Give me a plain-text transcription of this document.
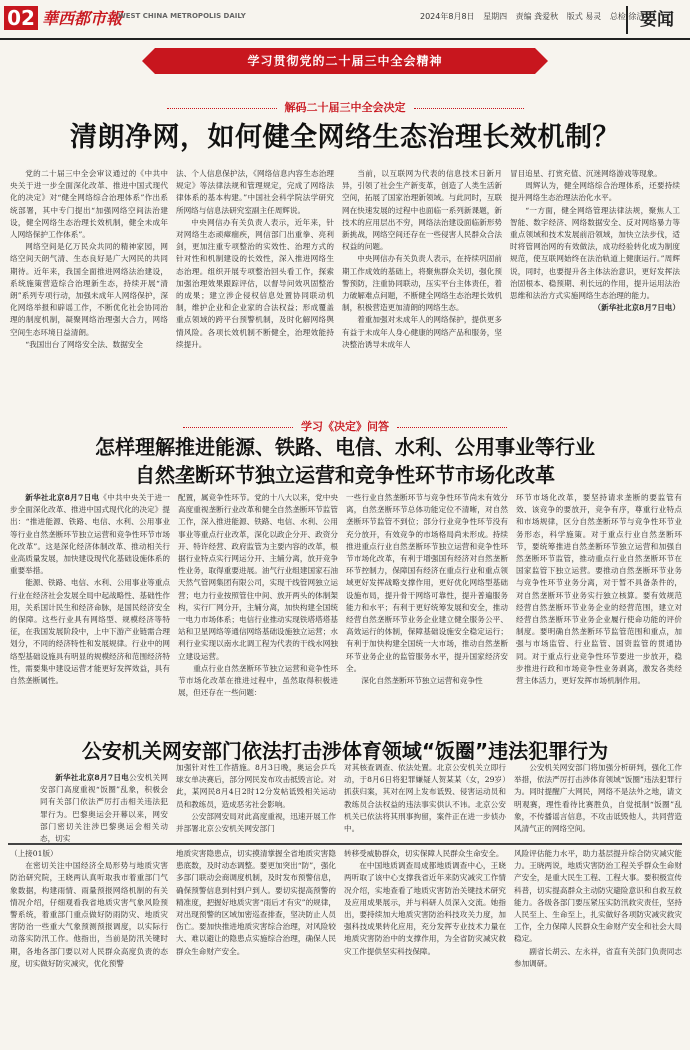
02 華西都市報
WEST CHINA METROPOLIS DAILY	2024年8月8日 星期四 责编 龚爱秋 版式 易灵 总检 徐洁
要闻
学习贯彻党的二十届三中全会精神
解码二十届三中全会决定
清朗净网，如何健全网络生态治理长效机制？

党的二十届三中全会审议通过的《中共中央关于进一步全面深化改革、推进中国式现代化的决定》对“健全网络综合治理体系”作出系统部署，其中专门提出“加强网络空间法治建设，健全网络生态治理长效机制，健全未成年人网络保护工作体系”。

网络空间是亿万民众共同的精神家园，网络空间天朗气清、生态良好是广大网民的共同期待。近年来，我国全面推进网络法治建设，系统施策营造综合治理新生态，持续开展“清朗”系列专项行动，加强未成年人网络保护，深化网络举报和辟谣工作，不断优化社会协同治理的制度机制，凝聚网络治理强大合力，网络空间生态环境日益清朗。

“我国出台了网络安全法、数据安全

法、个人信息保护法，《网络信息内容生态治理规定》等法律法规和管理规定，完成了网络法律体系的基本构建。”中国社会科学院法学研究所网络与信息法研究室副主任周辉说。

中央网信办有关负责人表示，近年来，针对网络生态顽瘴痼疾，网信部门出重拳、亮利剑，更加注重专项整治的实效性、治理方式的针对性和机制建设的长效性，深入推进网络生态治理。组织开展专项整治回头看工作，探索加强治理效果跟踪评估，以督导问效巩固整治的成果；建立涉企侵权信息处置协同联动机制，维护企业和企业家的合法权益；形成覆盖重点领域的跨平台预警机制，及时化解网络舆情风险。各项长效机制不断健全，治理效能持续提升。

当前，以互联网为代表的信息技术日新月异，引领了社会生产新变革，创造了人类生活新空间，拓展了国家治理新领域。与此同时，互联网在快速发展的过程中也面临一系列新课题，新技术的应用层出不穷，网络法治建设面临新形势新挑战，网络空间还存在一些侵害人民群众合法权益的问题。

中央网信办有关负责人表示，在持续巩固前期工作成效的基础上，将聚焦群众关切，强化预警预防，注重协同联动，压实平台主体责任，着力破解难点问题，不断健全网络生态治理长效机制，积极营造更加清朗的网络生态。

着重加强对未成年人的网络保护，提供更多有益于未成年人身心健康的网络产品和服务，坚决整治诱导未成年人

冒目追星、打赏充值、沉迷网络游戏等现象。

周辉认为，健全网络综合治理体系，还要持续提升网络生态治理法治化水平。

“一方面，健全网络管理法律法规，聚焦人工智能、数字经济、网络数据安全、反对网络暴力等重点领域和技术发展前沿领域，加快立法步伐，适时将管网治网的有效做法，成功经验转化成为制度规范，使互联网始终在法治轨道上健康运行。”周辉说，同时，也要提升各主体法治意识，更好发挥法治固根本、稳预期、利长远的作用，提升运用法治思维和法治方式实施网络生态治理的能力。

（新华社北京8月7日电）

学习《决定》问答
怎样理解推进能源、铁路、电信、水利、公用事业等行业
自然垄断环节独立运营和竞争性环节市场化改革

新华社北京8月7日电《中共中央关于进一步全面深化改革、推进中国式现代化的决定》提出：“推进能源、铁路、电信、水利、公用事业等行业自然垄断环节独立运营和竞争性环节市场化改革”。这是深化经济体制改革、推动相关行业高质量发展，加快建设现代化基础设施体系的重要举措。

能源、铁路、电信、水利、公用事业等重点行业在经济社会发展全局中起战略性、基础性作用，关系国计民生和经济命脉，是国民经济安全的保障。这些行业具有网络型、规模经济等特征，在我国发展阶段中，上中下游产业链需合理划分，不同的经济特性和发展规律。行业中的网络型基础设施具有明显的规模经济和范围经济特性，需要集中建设运营才能更好发挥效益，具有自然垄断属性。

配置，属竞争性环节。党的十八大以来，党中央高度重视垄断行业改革和健全自然垄断环节监管工作，深入推进能源、铁路、电信、水利、公用事业等重点行业改革，深化以政企分开、政资分开、特许经营、政府监管为主要内容的改革，根据行业特点实行网运分开、主辅分离，放开竞争性业务，取得重要进展。油气行业组建国家石油天然气管网集团有限公司，实现干线管网独立运营；电力行业按照管住中间、放开两头的体制架构，实行厂网分开，主辅分离，加快构建全国统一电力市场体系；电信行业推动实现铁塔塔塔基站和卫星网络等通信网络基础设施独立运营；水利行业实现以南水北调工程为代表的干线水网独立建设运营。

重点行业自然垄断环节独立运营和竞争性环节市场化改革在推进过程中，虽然取得积极进展，但还存在一些问题：

一些行业自然垄断环节与竞争性环节尚未有效分离，自然垄断环节总体功能定位不清晰，对自然垄断环节监管不到位；部分行业竞争性环节没有充分放开，有效竞争的市场格局尚未形成。持续推进重点行业自然垄断环节独立运营和竞争性环节市场化改革，有利于增强国有经济对自然垄断环节控制力，保障国有经济在重点行业和重点领域更好发挥战略支撑作用，更好优化网络型基础设施布局，提升骨干网络可靠性，提升普遍服务能力和水平；有利于更好统筹发展和安全，推动经营自然垄断环节业务企业建立健全服务公平、高效运行的体制，保障基础设施安全稳定运行；有利于加快构建全国统一大市场，推动自然垄断环节业务企业的监管服务水平，提升国家经济安全。

深化自然垄断环节独立运营和竞争性

环节市场化改革，要坚持请求垄断的要监管有效、该竞争的要放开，竞争有序，尊重行业特点和市场规律，区分自然垄断环节与竞争性环节业务形态，科学施策。对于重点行业自然垄断环节，要统筹推进自然垄断环节独立运营和加强自然垄断环节监管，推动重点行业自然垄断环节在国家监管下独立运营。要推动自然垄断环节业务与竞争性环节业务分离，对于暂不具备条件的，对自然垄断环节业务实行独立核算。要有效规范经营自然垄断环节业务企业的经营范围，建立对经营自然垄断环节业务企业履行使命功能的评价制度。要明确自然垄断环节监管范围和重点，加强与市场监管、行业监管、国资监管的贯通协同。对于重点行业竞争性环节要进一步放开，稳步推进行政和市场竞争性业务剥离，激发各类经营主体活力，更好发挥市场机制作用。

公安机关网安部门依法打击涉体育领域“饭圈”违法犯罪行为

新华社北京8月7日电公安机关网安部门高度重视“饭圈”乱象，积极会同有关部门依法严厉打击相关违法犯罪行为。巴黎奥运会开幕以来，网安部门密切关注涉巴黎奥运会相关动态，切实

加强针对性工作措施。8月3日晚，奥运会乒乓球女单决赛后，部分网民发布攻击抵毁言论。对此，某网民8月4日2时12分发帖诋毁相关运动员和教练员，造成恶劣社会影响。

公安部网安局对此高度重视，迅速开展工作并部署北京公安机关网安部门

对其核查调查、依法处置。北京公安机关立即行动，于8月6日将犯罪嫌疑人贺某某（女，29岁）抓获归案，其对在网上发布诋毁、侵害运动员和教练员合法权益的违法事实供认不讳。北京公安机关已依法将其刑事拘留，案件正在进一步侦办中。

公安机关网安部门将加强分析研判，强化工作举措，依法严厉打击涉体育领域“饭圈”违法犯罪行为。同时提醒广大网民，网络不是法外之地，请文明观赛，理性看待比赛胜负，自觉抵制“饭圈”乱象，不传播谣言信息，不攻击诋毁他人，共同营造风清气正的网络空间。

（上接01版）

在密切关注中国经济全局形势与地质灾害防治研究院，王晓两认真听取我市着重部门气象数据，构建雨情、雨量预报网络机制的有关情况介绍，仔细观看我省地质灾害气象风险预警系统，着重部门重点做好防雨防灾、地质灾害防治一些重大气象预测预报调度，以实际行动落实防汛工作。他指出，当前是防汛关键时期，各地各部门要以对人民群众高度负责的态度，切实做好防灾减灾，优化预警

地质灾害隐患点，切实摸清掌握全省地质灾害隐患底数，及时动态调整。要更加突出“防”，强化多部门联动会商调度机制，及时发布预警信息，确保预警信息到村到户到人。要切实提高预警的精准度，把握好地质灾害“雨后才有灾”的规律，对出现预警的区域加密巡查排查，坚决防止人员伤亡。要加快推进地质灾害综合治理，对风险较大、难以避让的隐患点实施综合治理，确保人民群众生命财产安全。

转移受威胁群众，切实保障人民群众生命安全。

在中国地质调查局成都地质调查中心，王晓两听取了该中心支撑我省近年来防灾减灾工作情况介绍，实地查看了地质灾害防治关键技术研究及应用成果展示，并与科研人员深入交流。她指出，要持续加大地质灾害防治科技攻关力度，加强科技成果转化应用，充分发挥专业技术力量在地质灾害防治中的支撑作用，为全省防灾减灾救灾工作提供坚实科技保障。

风险评估能力水平，助力基层提升综合防灾减灾能力。王晓两说，地质灾害防治工程关乎群众生命财产安全，是重大民生工程、工程大事。要积极宣传科普，切实提高群众主动防灾避险意识和自救互救能力。各级各部门要压紧压实防汛救灾责任，坚持人民至上、生命至上，扎实做好各项防灾减灾救灾工作，全力保障人民群众生命财产安全和社会大局稳定。

副省长胡云、左永祥，省直有关部门负责同志参加调研。
